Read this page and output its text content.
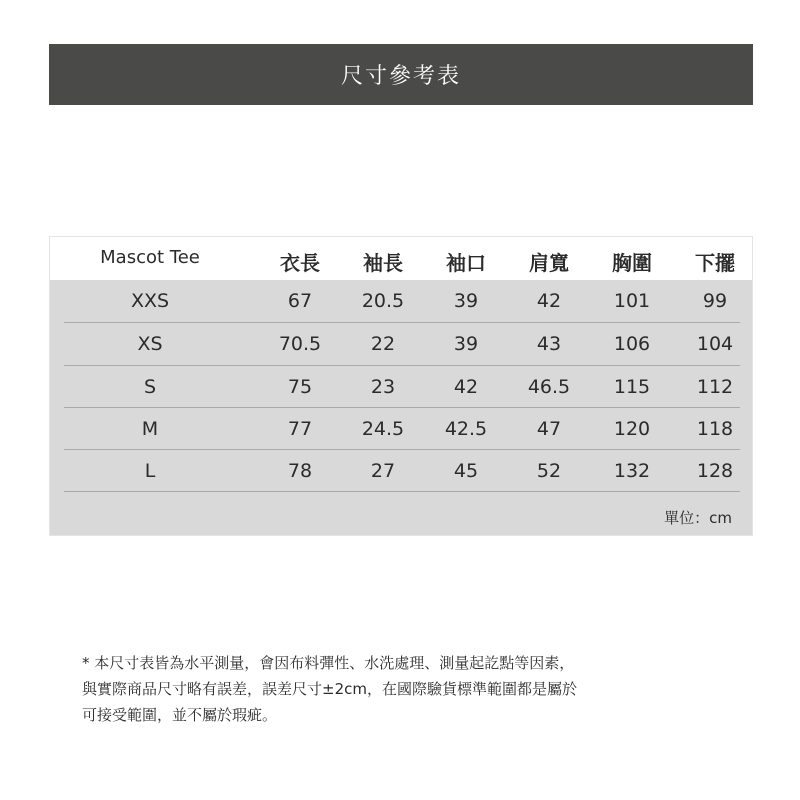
尺寸參考表
Mascot Tee	衣長	袖長	袖口	肩寬	胸圍	下擺
XXS	67	20.5	39	42	101	99
XS	70.5	22	39	43	106	104
S	75	23	42	46.5	115	112
M	77	24.5	42.5	47	120	118
L	78	27	45	52	132	128
單位：cm

* 本尺寸表皆為水平測量，會因布料彈性、水洗處理、測量起訖點等因素，

與實際商品尺寸略有誤差，誤差尺寸±2cm，在國際驗貨標準範圍都是屬於

可接受範圍，並不屬於瑕疵。
